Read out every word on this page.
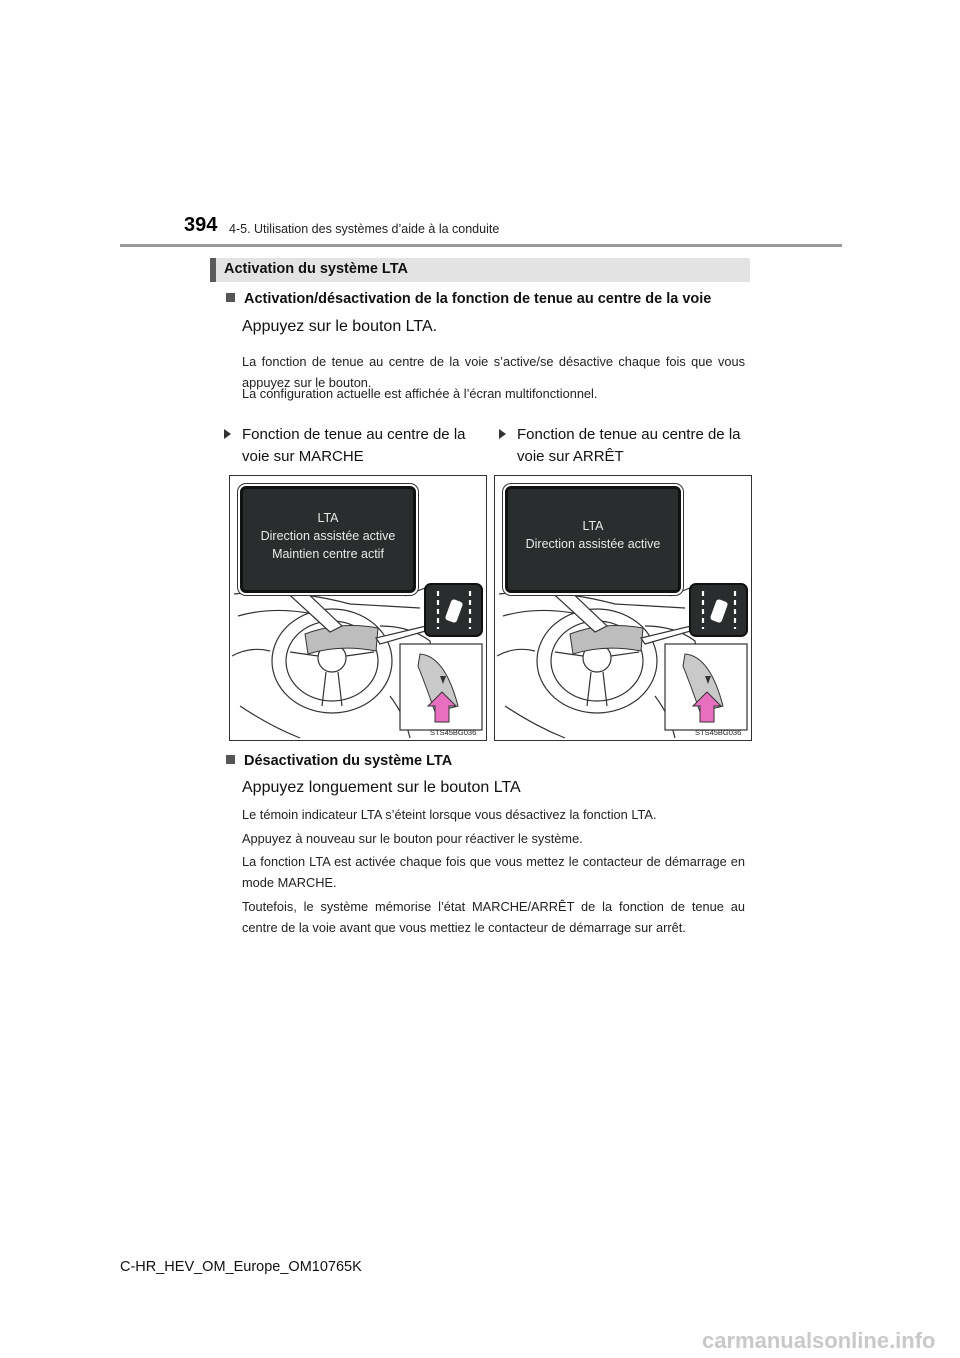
394 4-5. Utilisation des systèmes d’aide à la conduite
Activation du système LTA
Activation/désactivation de la fonction de tenue au centre de la voie
Appuyez sur le bouton LTA.
La fonction de tenue au centre de la voie s’active/se désactive chaque fois que vous appuyez sur le bouton.
La configuration actuelle est affichée à l’écran multifonctionnel.
Fonction de tenue au centre de la voie sur MARCHE
Fonction de tenue au centre de la voie sur ARRÊT
LTA
Direction assistée active
Maintien centre actif
STS45BG036
LTA
Direction assistée active
STS45BG036
Désactivation du système LTA
Appuyez longuement sur le bouton LTA
Le témoin indicateur LTA s’éteint lorsque vous désactivez la fonction LTA.
Appuyez à nouveau sur le bouton pour réactiver le système.
La fonction LTA est activée chaque fois que vous mettez le contacteur de démarrage en mode MARCHE.
Toutefois, le système mémorise l’état MARCHE/ARRÊT de la fonction de tenue au centre de la voie avant que vous mettiez le contacteur de démarrage sur arrêt.
C-HR_HEV_OM_Europe_OM10765K
carmanualsonline.info
